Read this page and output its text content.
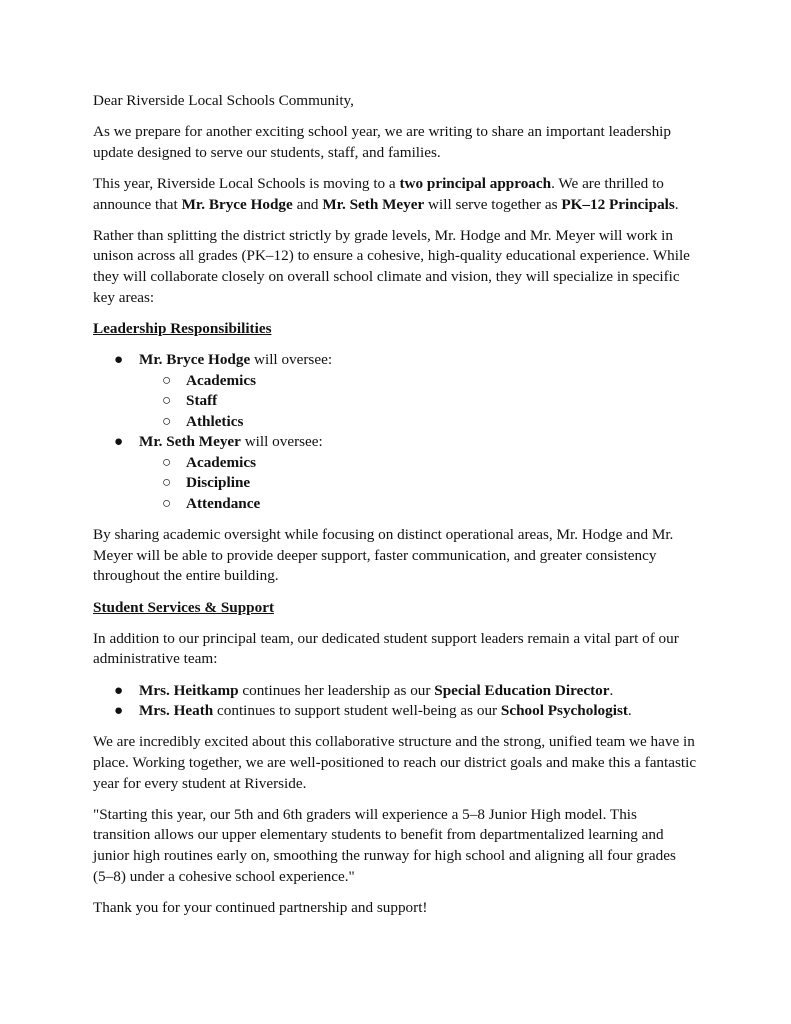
Dear Riverside Local Schools Community,

As we prepare for another exciting school year, we are writing to share an important leadership update designed to serve our students, staff, and families.

This year, Riverside Local Schools is moving to a two principal approach. We are thrilled to announce that Mr. Bryce Hodge and Mr. Seth Meyer will serve together as PK–12 Principals.

Rather than splitting the district strictly by grade levels, Mr. Hodge and Mr. Meyer will work in unison across all grades (PK–12) to ensure a cohesive, high-quality educational experience. While they will collaborate closely on overall school climate and vision, they will specialize in specific key areas:

Leadership Responsibilities
● Mr. Bryce Hodge will oversee:
○ Academics
○ Staff
○ Athletics
● Mr. Seth Meyer will oversee:
○ Academics
○ Discipline
○ Attendance

By sharing academic oversight while focusing on distinct operational areas, Mr. Hodge and Mr. Meyer will be able to provide deeper support, faster communication, and greater consistency throughout the entire building.

Student Services & Support

In addition to our principal team, our dedicated student support leaders remain a vital part of our administrative team:

● Mrs. Heitkamp continues her leadership as our Special Education Director.
● Mrs. Heath continues to support student well-being as our School Psychologist.

We are incredibly excited about this collaborative structure and the strong, unified team we have in place. Working together, we are well-positioned to reach our district goals and make this a fantastic year for every student at Riverside.

"Starting this year, our 5th and 6th graders will experience a 5–8 Junior High model. This transition allows our upper elementary students to benefit from departmentalized learning and junior high routines early on, smoothing the runway for high school and aligning all four grades (5–8) under a cohesive school experience."

Thank you for your continued partnership and support!
